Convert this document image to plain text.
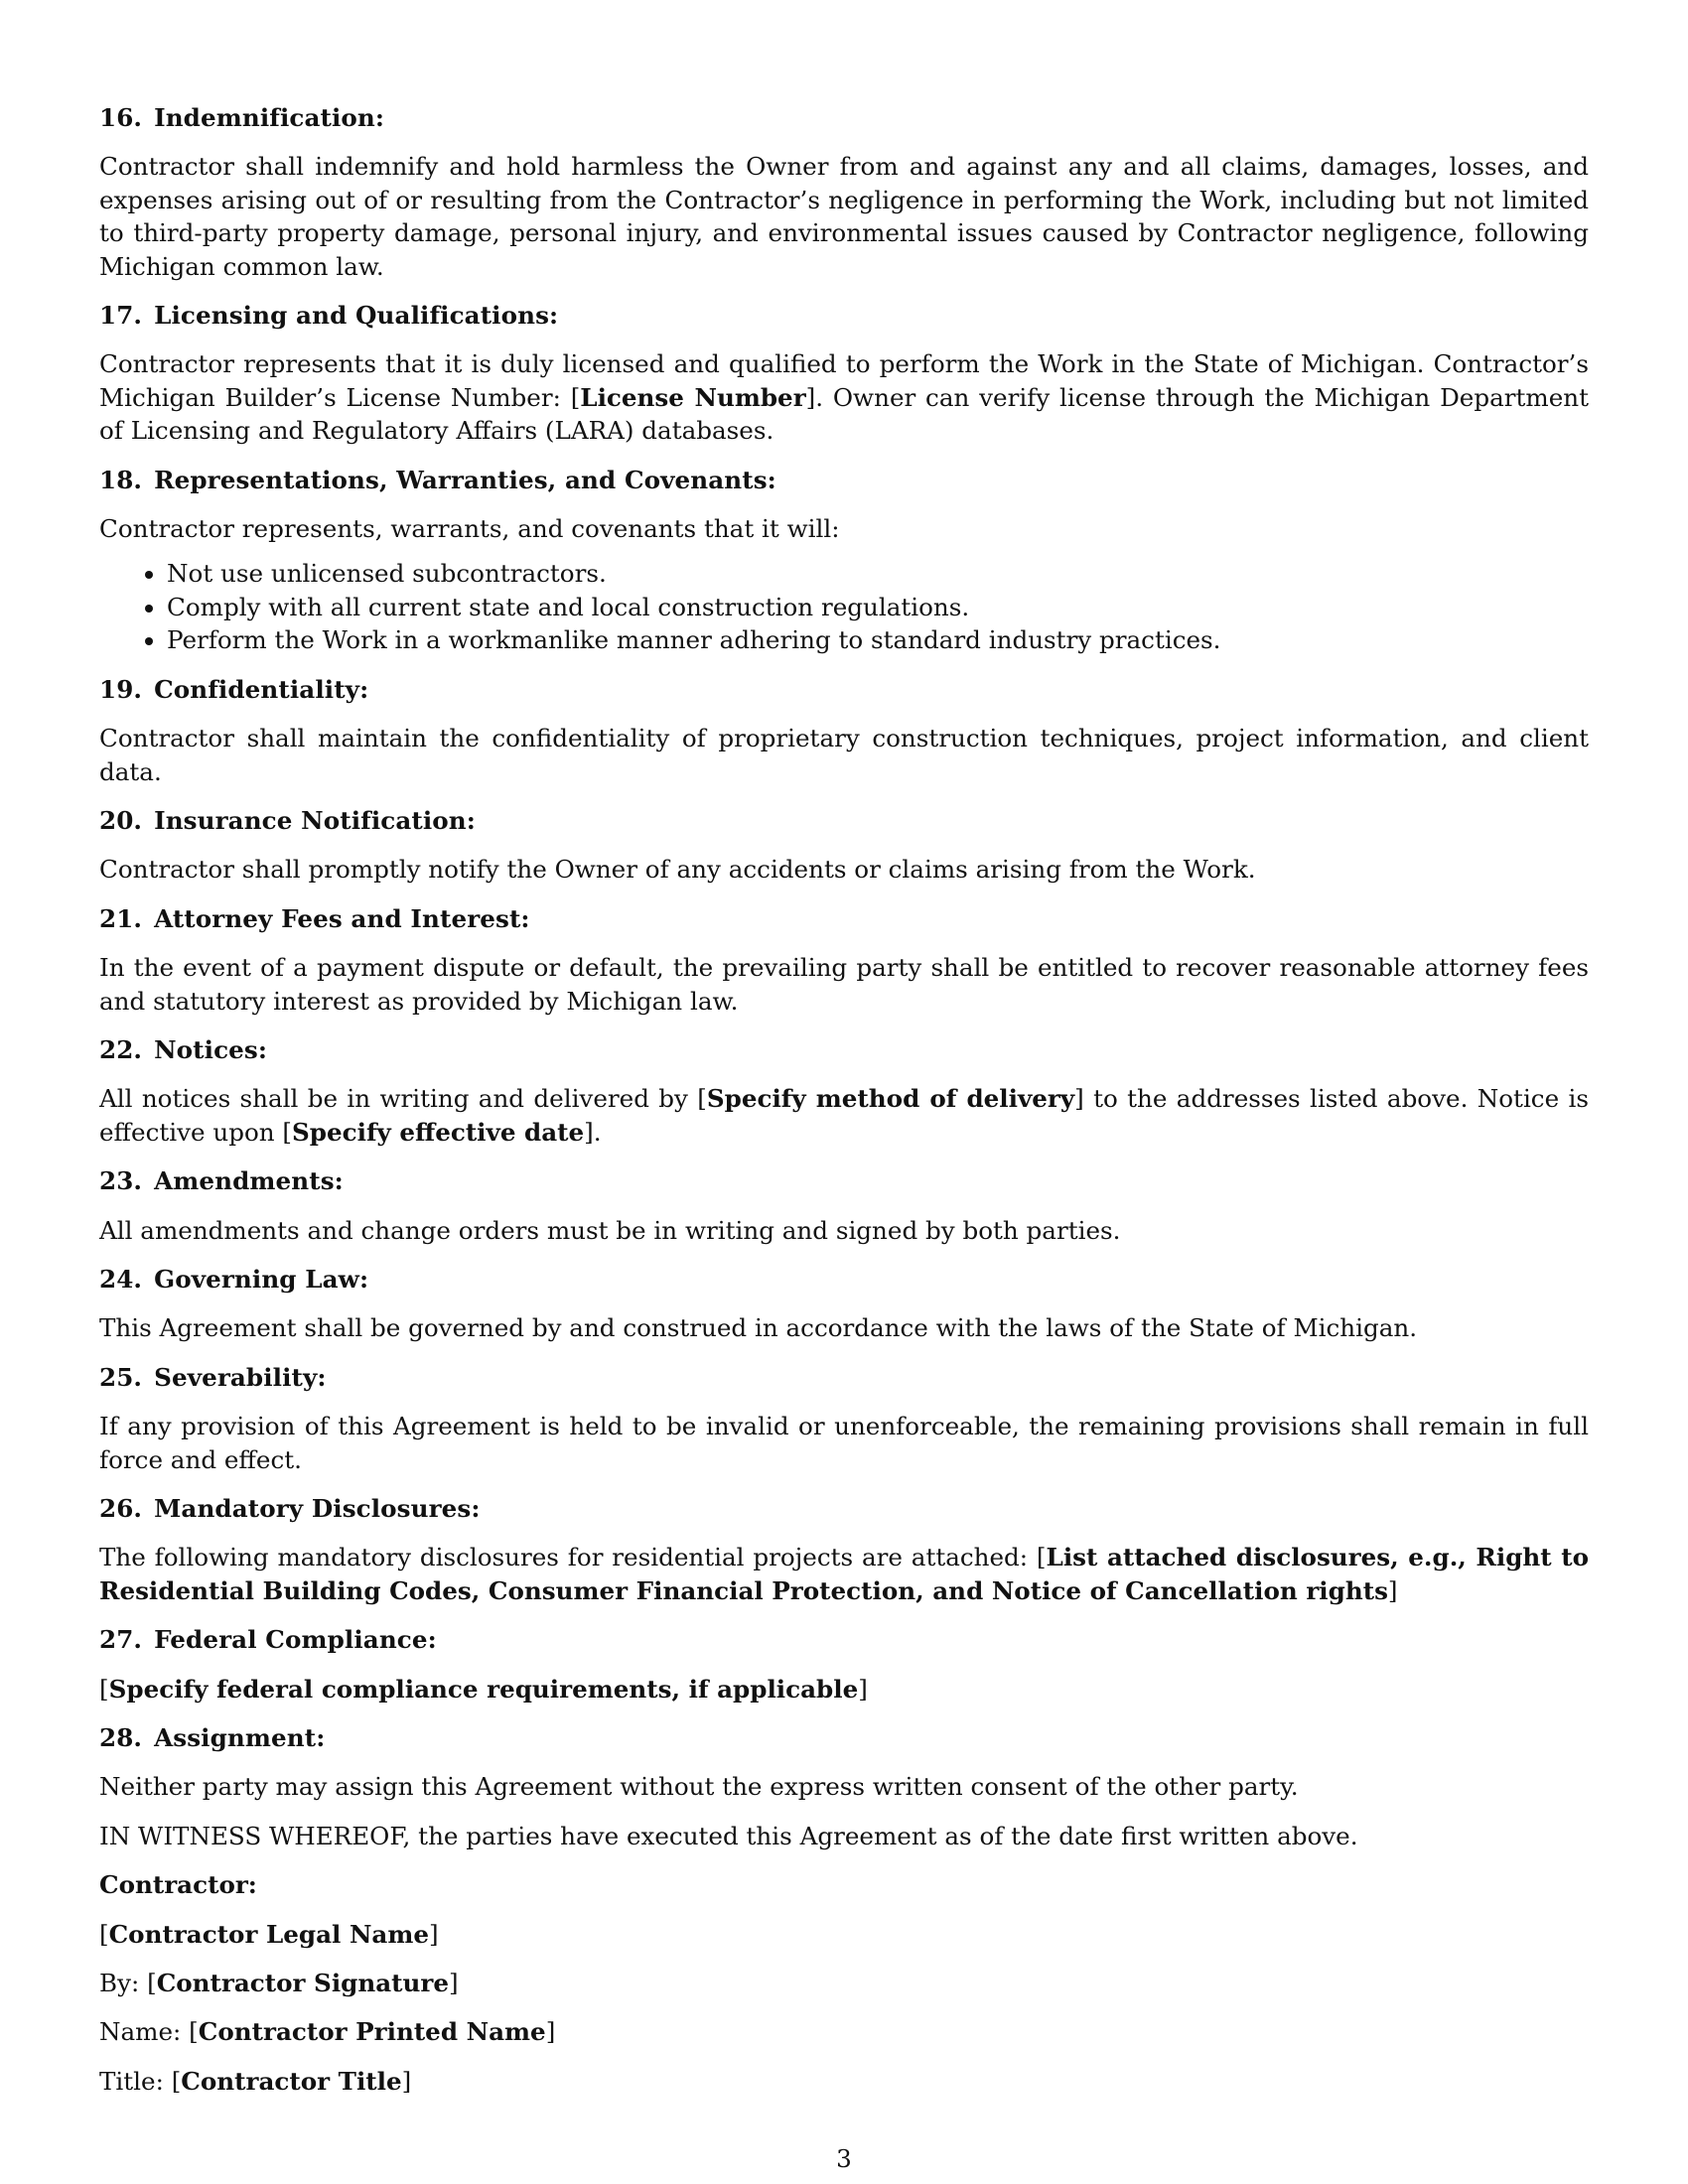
16. Indemnification:

Contractor shall indemnify and hold harmless the Owner from and against any and all claims, damages, losses, and expenses arising out of or resulting from the Contractor’s negligence in performing the Work, including but not limited to third-party property damage, personal injury, and environmental issues caused by Contractor negligence, following Michigan common law.

17. Licensing and Qualifications:

Contractor represents that it is duly licensed and qualified to perform the Work in the State of Michigan. Contractor’s Michigan Builder’s License Number: [License Number]. Owner can verify license through the Michigan Department of Licensing and Regulatory Affairs (LARA) databases.

18. Representations, Warranties, and Covenants:

Contractor represents, warrants, and covenants that it will:

• Not use unlicensed subcontractors.
• Comply with all current state and local construction regulations.
• Perform the Work in a workmanlike manner adhering to standard industry practices.
19. Confidentiality:

Contractor shall maintain the confidentiality of proprietary construction techniques, project information, and client data.

20. Insurance Notification:

Contractor shall promptly notify the Owner of any accidents or claims arising from the Work.

21. Attorney Fees and Interest:

In the event of a payment dispute or default, the prevailing party shall be entitled to recover reasonable attorney fees and statutory interest as provided by Michigan law.

22. Notices:

All notices shall be in writing and delivered by [Specify method of delivery] to the addresses listed above. Notice is effective upon [Specify effective date].

23. Amendments:

All amendments and change orders must be in writing and signed by both parties.

24. Governing Law:

This Agreement shall be governed by and construed in accordance with the laws of the State of Michigan.

25. Severability:

If any provision of this Agreement is held to be invalid or unenforceable, the remaining provisions shall remain in full force and effect.

26. Mandatory Disclosures:

The following mandatory disclosures for residential projects are attached: [List attached disclosures, e.g., Right to Residential Building Codes, Consumer Financial Protection, and Notice of Cancellation rights]

27. Federal Compliance:

[Specify federal compliance requirements, if applicable]

28. Assignment:

Neither party may assign this Agreement without the express written consent of the other party.

IN WITNESS WHEREOF, the parties have executed this Agreement as of the date first written above.

Contractor:

[Contractor Legal Name]

By: [Contractor Signature]

Name: [Contractor Printed Name]

Title: [Contractor Title]

3
